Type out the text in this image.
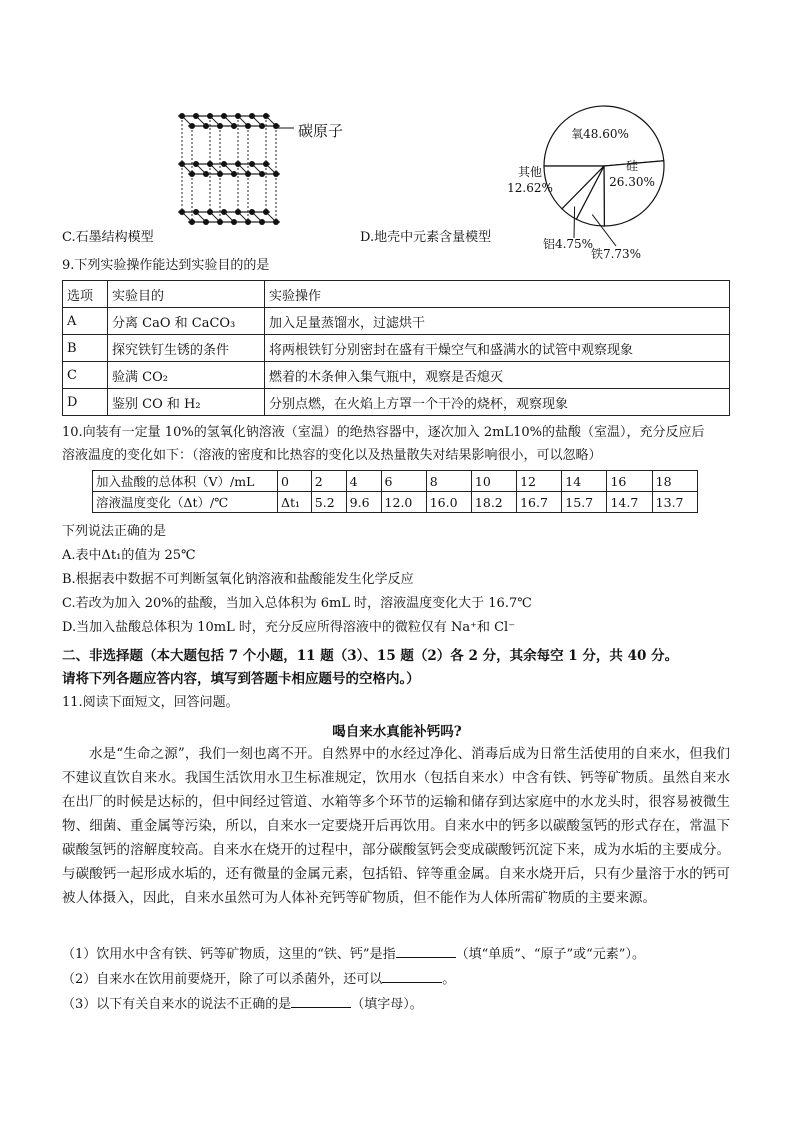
碳原子
C.石墨结构模型
氧48.60%
硅
26.30%
铁7.73%
铝4.75%
其他
12.62%
D.地壳中元素含量模型
9.下列实验操作能达到实验目的的是
选项	实验目的	实验操作
A	分离 CaO 和 CaCO₃	加入足量蒸馏水，过滤烘干
B	探究铁钉生锈的条件	将两根铁钉分别密封在盛有干燥空气和盛满水的试管中观察现象
C	验满 CO₂	燃着的木条伸入集气瓶中，观察是否熄灭
D	鉴别 CO 和 H₂	分别点燃，在火焰上方罩一个干冷的烧杯，观察现象
10.向装有一定量 10%的氢氧化钠溶液（室温）的绝热容器中，逐次加入 2mL10%的盐酸（室温），充分反应后
溶液温度的变化如下：（溶液的密度和比热容的变化以及热量散失对结果影响很小，可以忽略）
加入盐酸的总体积（V）/mL	0	2	4	6	8	10	12	14	16	18
溶液温度变化（Δt）/℃	Δt₁	5.2	9.6	12.0	16.0	18.2	16.7	15.7	14.7	13.7
下列说法正确的是
A.表中Δt₁的值为 25℃
B.根据表中数据不可判断氢氧化钠溶液和盐酸能发生化学反应
C.若改为加入 20%的盐酸，当加入总体积为 6mL 时，溶液温度变化大于 16.7℃
D.当加入盐酸总体积为 10mL 时，充分反应所得溶液中的微粒仅有 Na⁺和 Cl⁻
二、非选择题（本大题包括 7 个小题，11 题（3）、15 题（2）各 2 分，其余每空 1 分，共 40 分。
请将下列各题应答内容，填写到答题卡相应题号的空格内。）
11.阅读下面短文，回答问题。
喝自来水真能补钙吗?

水是“生命之源”，我们一刻也离不开。自然界中的水经过净化、消毒后成为日常生活使用的自来水，但我们不建议直饮自来水。我国生活饮用水卫生标准规定，饮用水（包括自来水）中含有铁、钙等矿物质。虽然自来水在出厂的时候是达标的，但中间经过管道、水箱等多个环节的运输和储存到达家庭中的水龙头时，很容易被微生物、细菌、重金属等污染，所以，自来水一定要烧开后再饮用。自来水中的钙多以碳酸氢钙的形式存在，常温下碳酸氢钙的溶解度较高。自来水在烧开的过程中，部分碳酸氢钙会变成碳酸钙沉淀下来，成为水垢的主要成分。与碳酸钙一起形成水垢的，还有微量的金属元素，包括铅、锌等重金属。自来水烧开后，只有少量溶于水的钙可被人体摄入，因此，自来水虽然可为人体补充钙等矿物质，但不能作为人体所需矿物质的主要来源。

（1）饮用水中含有铁、钙等矿物质，这里的“铁、钙”是指	（填“单质”、“原子”或“元素”）。
（2）自来水在饮用前要烧开，除了可以杀菌外，还可以	。
（3）以下有关自来水的说法不正确的是	（填字母）。
